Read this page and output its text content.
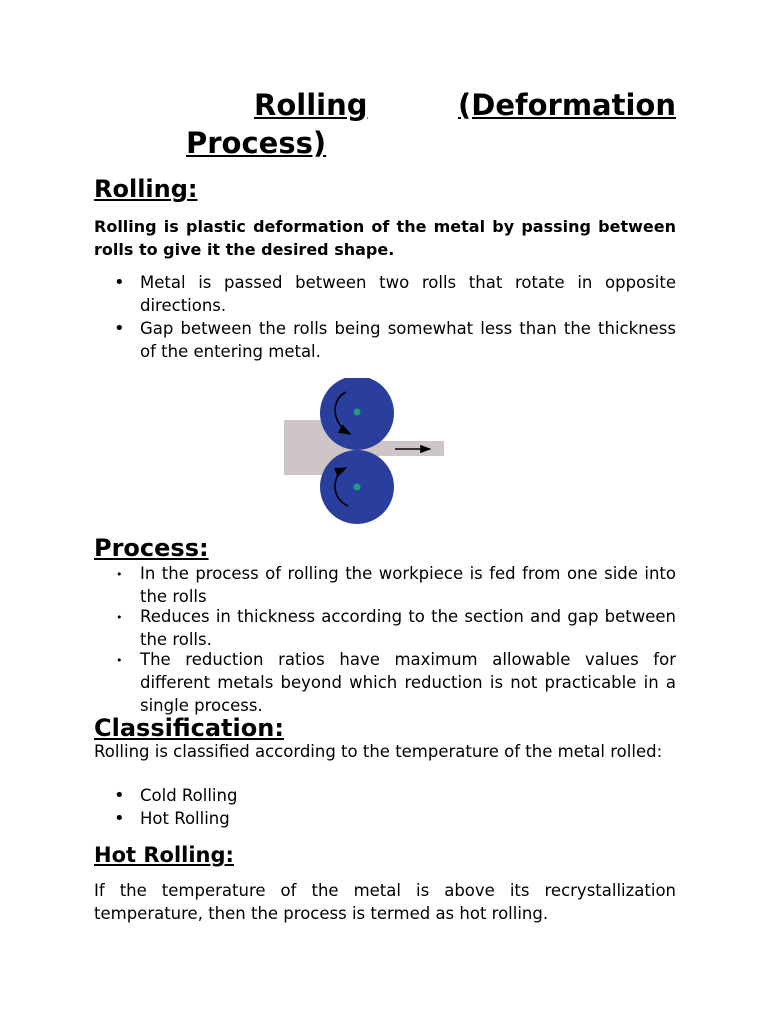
Rolling	(Deformation
Process)
Rolling:

Rolling is plastic deformation of the metal by passing between rolls to give it the desired shape.

• Metal is passed between two rolls that rotate in opposite directions.
• Gap between the rolls being somewhat less than the thickness of the entering metal.
Process:
• In the process of rolling the workpiece is fed from one side into the rolls
• Reduces in thickness according to the section and gap between the rolls.
• The reduction ratios have maximum allowable values for different metals beyond which reduction is not practicable in a single process.
Classification:

Rolling is classified according to the temperature of the metal rolled:

• Cold Rolling
• Hot Rolling
Hot Rolling:

If the temperature of the metal is above its recrystallization temperature, then the process is termed as hot rolling.
